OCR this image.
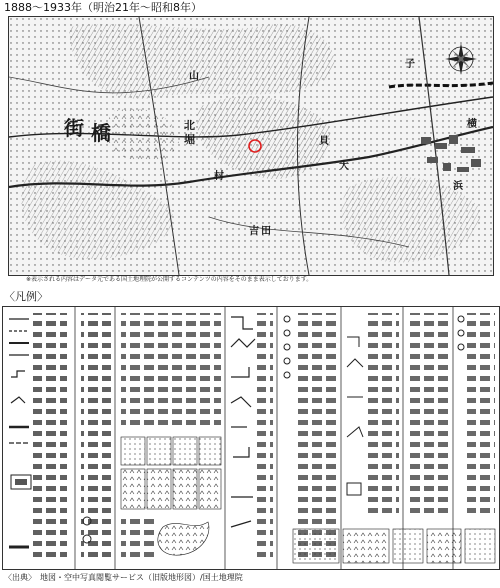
1888〜1933年（明治21年〜昭和8年）
街 橋	北
堀
村
大
貝
横
浜
子
山
吉 田
※表示される内容はデータ元である国土地理院が公開するコンテンツの内容をそのまま表示しております。
〈凡例〉
〈出典〉　地図・空中写真閲覧サービス（旧版地形図）/国土地理院
